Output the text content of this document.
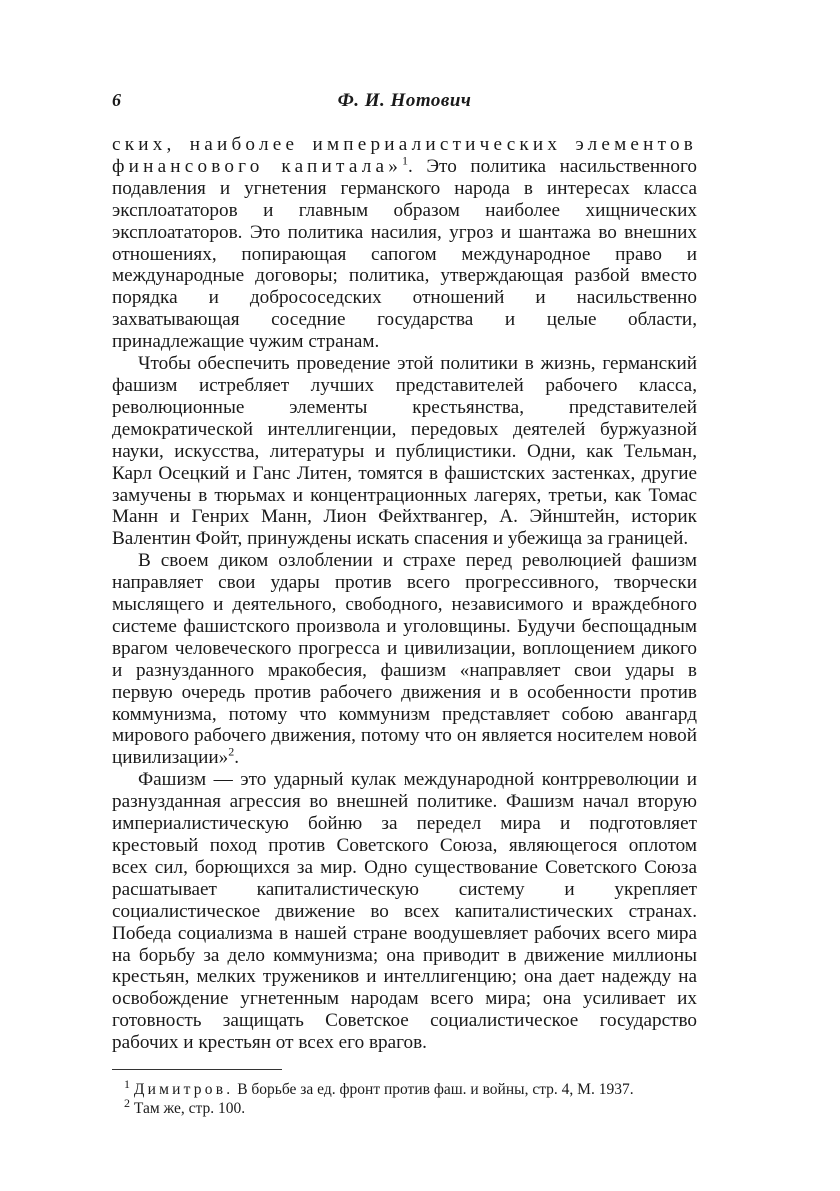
6	Ф. И. Нотович

ских, наиболее империалистических элементов финансового капитала»$^1$. Это политика насильственного подавления и угнетения германского народа в интересах класса эксплоататоров и главным образом наиболее хищнических эксплоататоров. Это политика насилия, угроз и шантажа во внешних отношениях, попирающая сапогом международное право и международные договоры; политика, утверждающая разбой вместо порядка и добрососедских отношений и насильственно захватывающая соседние государства и целые области, принадлежащие чужим странам.

Чтобы обеспечить проведение этой политики в жизнь, германский фашизм истребляет лучших представителей рабочего класса, революционные элементы крестьянства, представителей демократической интеллигенции, передовых деятелей буржуазной науки, искусства, литературы и публицистики. Одни, как Тельман, Карл Осецкий и Ганс Литен, томятся в фашистских застенках, другие замучены в тюрьмах и концентрационных лагерях, третьи, как Томас Манн и Генрих Манн, Лион Фейхтвангер, А. Эйнштейн, историк Валентин Фойт, принуждены искать спасения и убежища за границей.

В своем диком озлоблении и страхе перед революцией фашизм направляет свои удары против всего прогрессивного, творчески мыслящего и деятельного, свободного, независимого и враждебного системе фашистского произвола и уголовщины. Будучи беспощадным врагом человеческого прогресса и цивилизации, воплощением дикого и разнузданного мракобесия, фашизм «направляет свои удары в первую очередь против рабочего движения и в особенности против коммунизма, потому что коммунизм представляет собою авангард мирового рабочего движения, потому что он является носителем новой цивилизации»$^2$.

Фашизм — это ударный кулак международной контрреволюции и разнузданная агрессия во внешней политике. Фашизм начал вторую империалистическую бойню за передел мира и подготовляет крестовый поход против Советского Союза, являющегося оплотом всех сил, борющихся за мир. Одно существование Советского Союза расшатывает капиталистическую систему и укрепляет социалистическое движение во всех капиталистических странах. Победа социализма в нашей стране воодушевляет рабочих всего мира на борьбу за дело коммунизма; она приводит в движение миллионы крестьян, мелких тружеников и интеллигенцию; она дает надежду на освобождение угнетенным народам всего мира; она усиливает их готовность защищать Советское социалистическое государство рабочих и крестьян от всех его врагов.

$^1$ Димитров. В борьбе за ед. фронт против фаш. и войны, стр. 4, М. 1937.

$^2$ Там же, стр. 100.
